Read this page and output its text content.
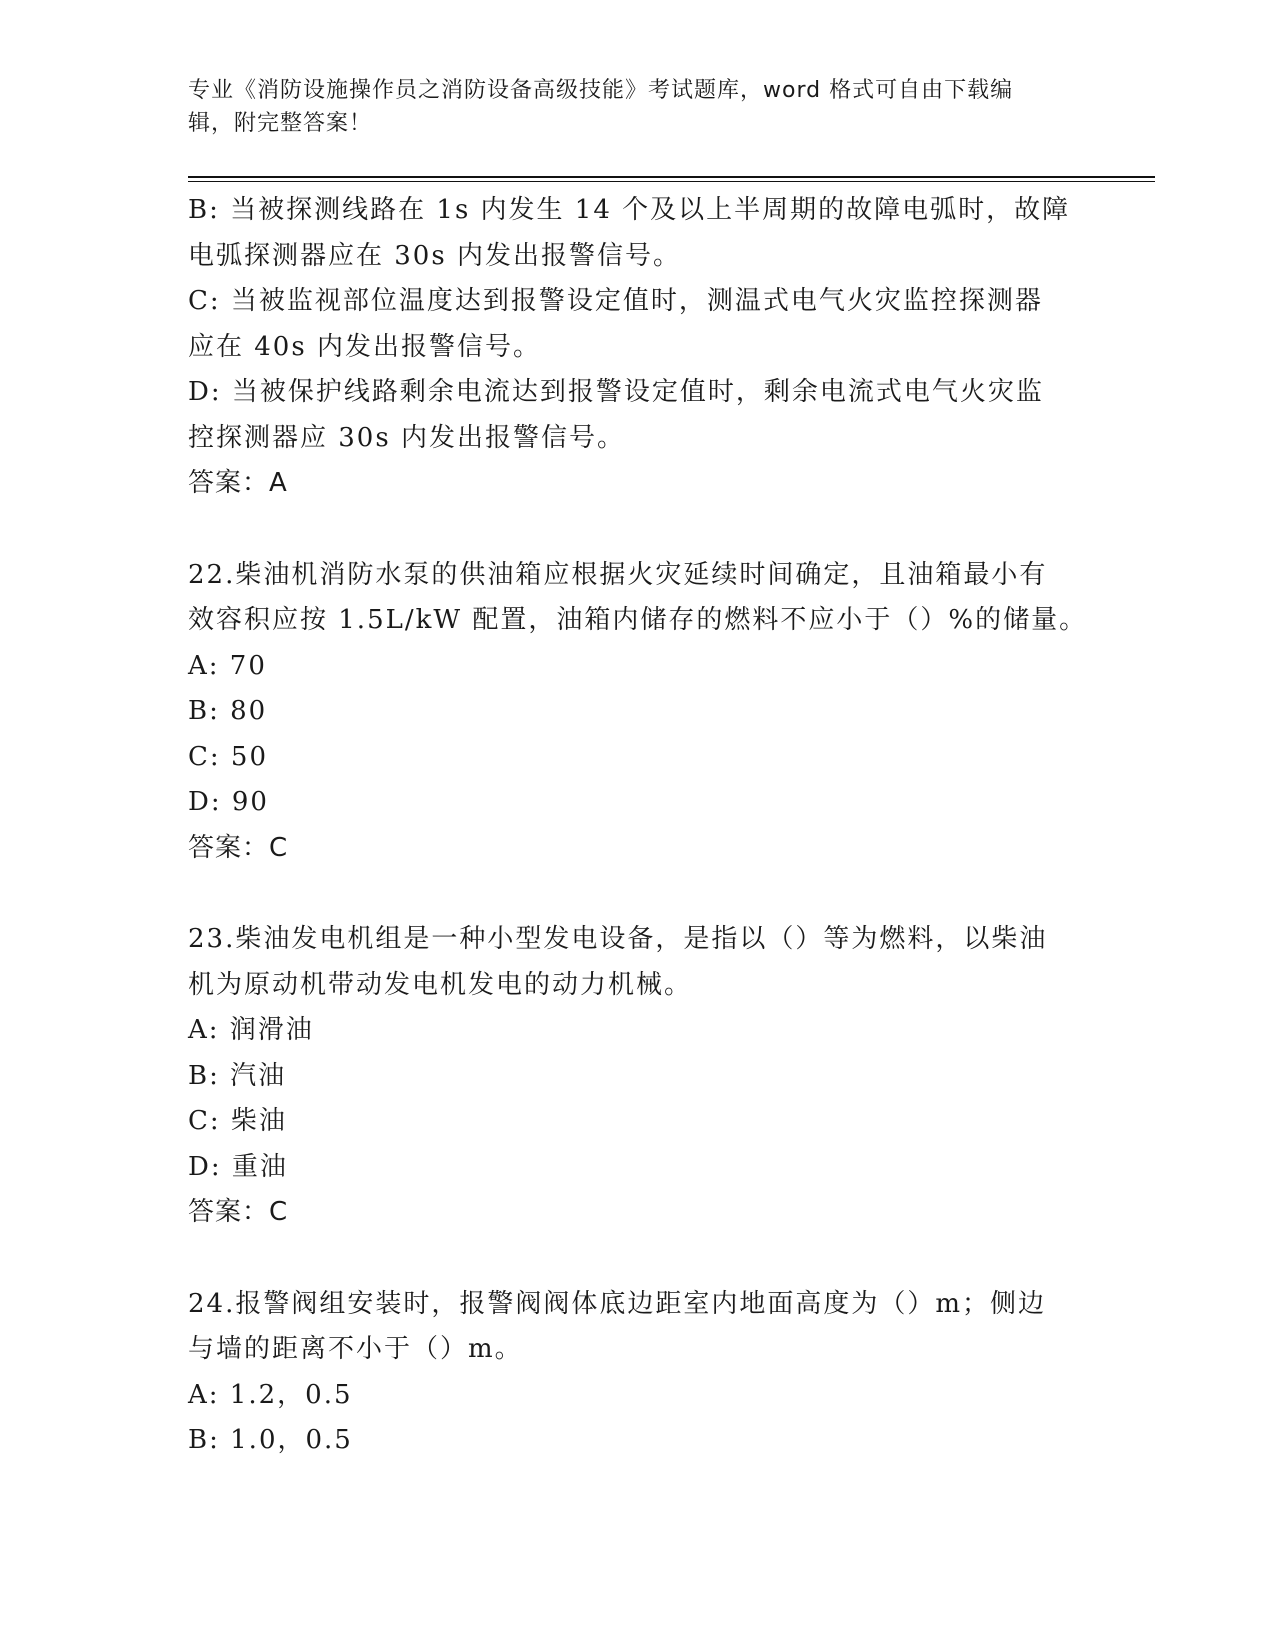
专业《消防设施操作员之消防设备高级技能》考试题库，word 格式可自由下载编
辑，附完整答案！
B: 当被探测线路在 1s 内发生 14 个及以上半周期的故障电弧时，故障
电弧探测器应在 30s 内发出报警信号。
C: 当被监视部位温度达到报警设定值时，测温式电气火灾监控探测器
应在 40s 内发出报警信号。
D: 当被保护线路剩余电流达到报警设定值时，剩余电流式电气火灾监
控探测器应 30s 内发出报警信号。
答案：A
22.柴油机消防水泵的供油箱应根据火灾延续时间确定，且油箱最小有
效容积应按 1.5L/kW 配置，油箱内储存的燃料不应小于（）%的储量。
A: 70
B: 80
C: 50
D: 90
答案：C
23.柴油发电机组是一种小型发电设备，是指以（）等为燃料，以柴油
机为原动机带动发电机发电的动力机械。
A: 润滑油
B: 汽油
C: 柴油
D: 重油
答案：C
24.报警阀组安装时，报警阀阀体底边距室内地面高度为（）m；侧边
与墙的距离不小于（）m。
A: 1.2，0.5
B: 1.0，0.5
